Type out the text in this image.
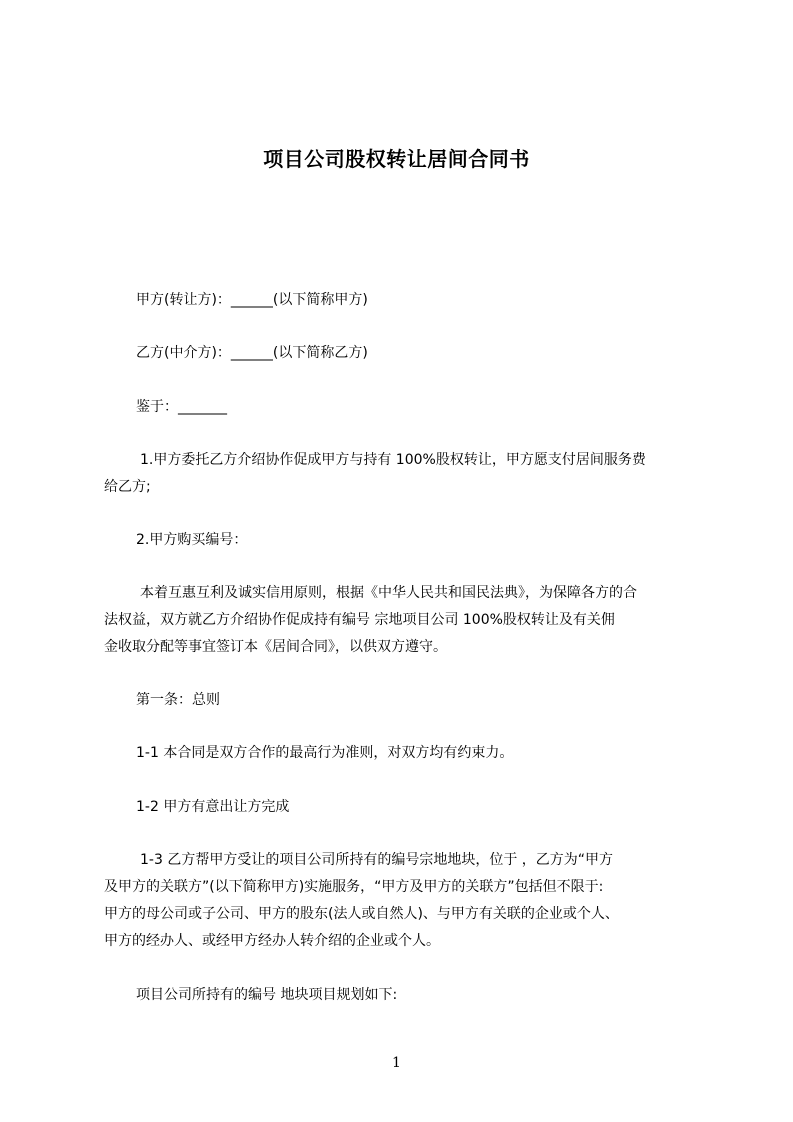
项目公司股权转让居间合同书
甲方(转让方)：______(以下简称甲方)
乙方(中介方)：______(以下简称乙方)
鉴于：_______
1.甲方委托乙方介绍协作促成甲方与持有 100%股权转让，甲方愿支付居间服务费
给乙方;
2.甲方购买编号：
本着互惠互利及诚实信用原则，根据《中华人民共和国民法典》，为保障各方的合
法权益，双方就乙方介绍协作促成持有编号 宗地项目公司 100%股权转让及有关佣
金收取分配等事宜签订本《居间合同》，以供双方遵守。
第一条：总则
1-1 本合同是双方合作的最高行为准则，对双方均有约束力。
1-2 甲方有意出让方完成
1-3 乙方帮甲方受让的项目公司所持有的编号宗地地块，位于 ，乙方为“甲方
及甲方的关联方”(以下简称甲方)实施服务，“甲方及甲方的关联方”包括但不限于:
甲方的母公司或子公司、甲方的股东(法人或自然人)、与甲方有关联的企业或个人、
甲方的经办人、或经甲方经办人转介绍的企业或个人。
项目公司所持有的编号 地块项目规划如下:
1
